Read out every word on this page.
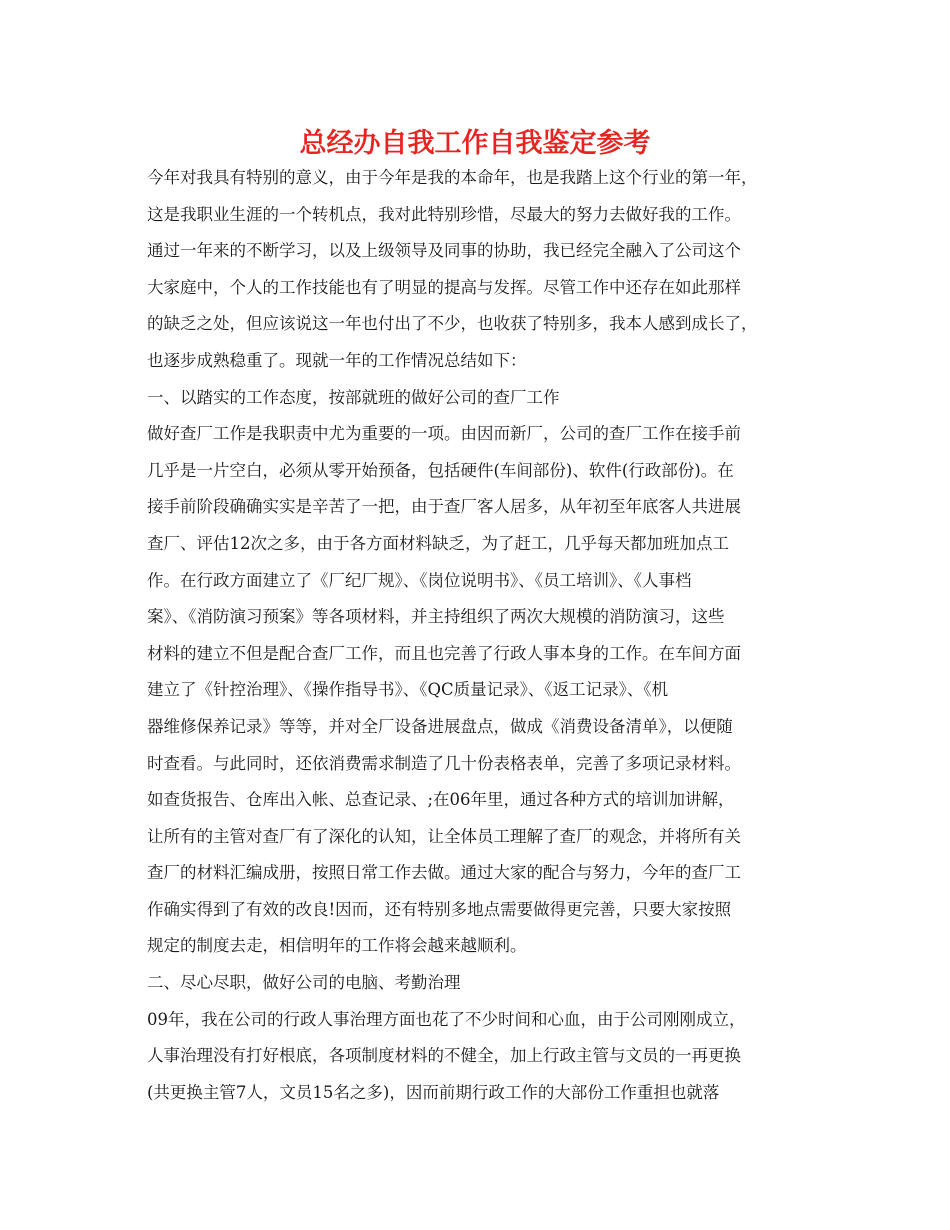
总经办自我工作自我鉴定参考
今年对我具有特别的意义，由于今年是我的本命年，也是我踏上这个行业的第一年，
这是我职业生涯的一个转机点，我对此特别珍惜，尽最大的努力去做好我的工作。
通过一年来的不断学习，以及上级领导及同事的协助，我已经完全融入了公司这个
大家庭中，个人的工作技能也有了明显的提高与发挥。尽管工作中还存在如此那样
的缺乏之处，但应该说这一年也付出了不少，也收获了特别多，我本人感到成长了，
也逐步成熟稳重了。现就一年的工作情况总结如下：
一、以踏实的工作态度，按部就班的做好公司的查厂工作
做好查厂工作是我职责中尤为重要的一项。由因而新厂，公司的查厂工作在接手前
几乎是一片空白，必须从零开始预备，包括硬件(车间部份)、软件(行政部份)。在
接手前阶段确确实实是辛苦了一把，由于查厂客人居多，从年初至年底客人共进展
查厂、评估12次之多，由于各方面材料缺乏，为了赶工，几乎每天都加班加点工
作。在行政方面建立了《厂纪厂规》、《岗位说明书》、《员工培训》、《人事档
案》、《消防演习预案》等各项材料，并主持组织了两次大规模的消防演习，这些
材料的建立不但是配合查厂工作，而且也完善了行政人事本身的工作。在车间方面
建立了《针控治理》、《操作指导书》、《QC质量记录》、《返工记录》、《机
器维修保养记录》等等，并对全厂设备进展盘点，做成《消费设备清单》，以便随
时查看。与此同时，还依消费需求制造了几十份表格表单，完善了多项记录材料。
如查货报告、仓库出入帐、总查记录、;在06年里，通过各种方式的培训加讲解，
让所有的主管对查厂有了深化的认知，让全体员工理解了查厂的观念，并将所有关
查厂的材料汇编成册，按照日常工作去做。通过大家的配合与努力，今年的查厂工
作确实得到了有效的改良!因而，还有特别多地点需要做得更完善，只要大家按照
规定的制度去走，相信明年的工作将会越来越顺利。
二、尽心尽职，做好公司的电脑、考勤治理
09年，我在公司的行政人事治理方面也花了不少时间和心血，由于公司刚刚成立，
人事治理没有打好根底，各项制度材料的不健全，加上行政主管与文员的一再更换
(共更换主管7人，文员15名之多)，因而前期行政工作的大部份工作重担也就落
